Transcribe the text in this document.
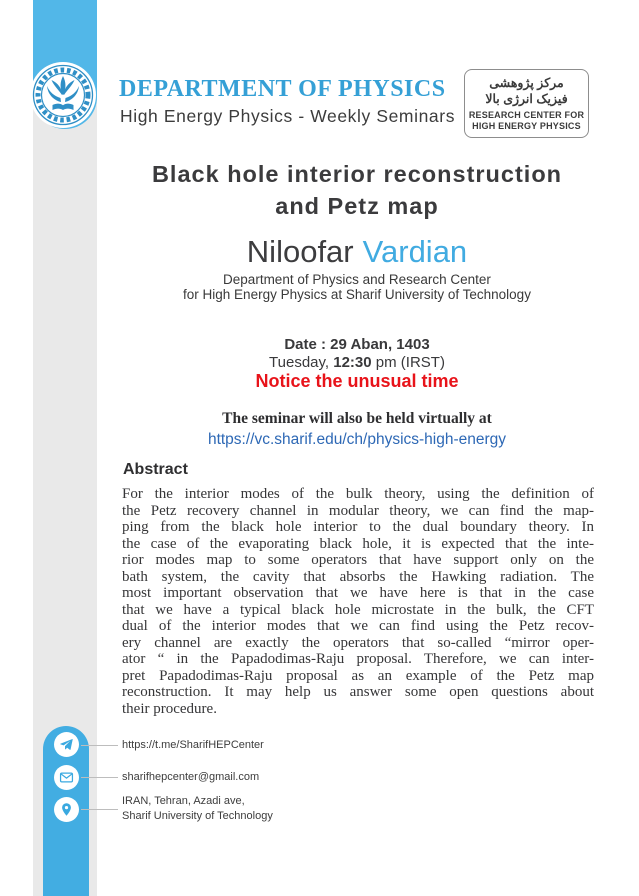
DEPARTMENT OF PHYSICS
High Energy Physics - Weekly Seminars
مرکز پژوهشی
فیزیک انرژی بالا
RESEARCH CENTER FOR
HIGH ENERGY PHYSICS
Black hole interior reconstruction
and Petz map
Niloofar Vardian
Department of Physics and Research Center
for High Energy Physics at Sharif University of Technology
Date : 29 Aban, 1403
Tuesday, 12:30 pm (IRST)
Notice the unusual time
The seminar will also be held virtually at
https://vc.sharif.edu/ch/physics-high-energy
Abstract
For the interior modes of the bulk theory, using the definition of
the Petz recovery channel in modular theory, we can find the map-
ping from the black hole interior to the dual boundary theory. In
the case of the evaporating black hole, it is expected that the inte-
rior modes map to some operators that have support only on the
bath system, the cavity that absorbs the Hawking radiation. The
most important observation that we have here is that in the case
that we have a typical black hole microstate in the bulk, the CFT
dual of the interior modes that we can find using the Petz recov-
ery channel are exactly the operators that so-called “mirror oper-
ator “ in the Papadodimas-Raju proposal. Therefore, we can inter-
pret Papadodimas-Raju proposal as an example of the Petz map
reconstruction. It may help us answer some open questions about
their procedure.
https://t.me/SharifHEPCenter
sharifhepcenter@gmail.com
IRAN, Tehran, Azadi ave,
Sharif University of Technology
